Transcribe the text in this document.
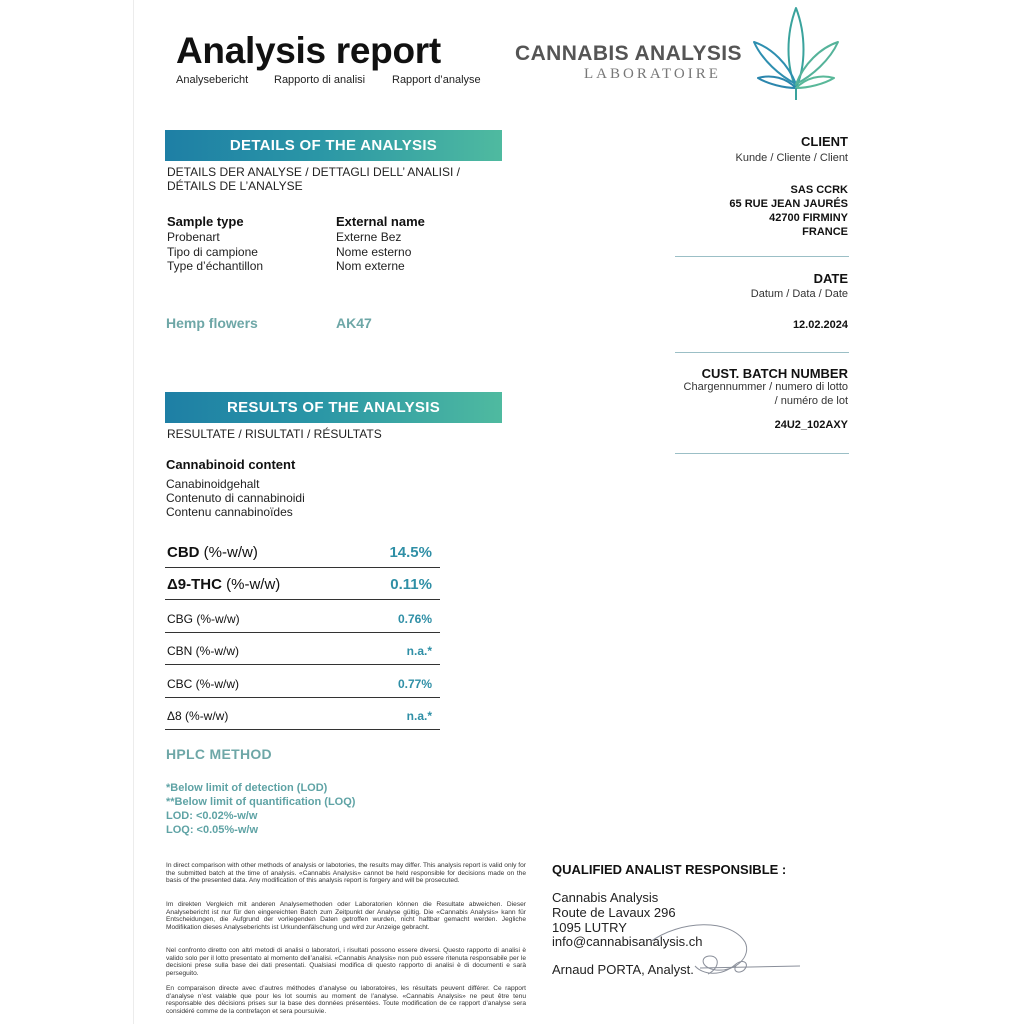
Analysis report
Analysebericht Rapporto di analisi Rapport d’analyse
CANNABIS ANALYSIS
LABORATOIRE
DETAILS OF THE ANALYSIS
DETAILS DER ANALYSE / DETTAGLI DELL’ ANALISI /
DÉTAILS DE L’ANALYSE
Sample type
Probenart
Tipo di campione
Type d’échantillon
External name
Externe Bez
Nome esterno
Nom externe
Hemp flowers	AK47
RESULTS OF THE ANALYSIS
RESULTATE / RISULTATI / RÉSULTATS
Cannabinoid content
Canabinoidgehalt
Contenuto di cannabinoidi
Contenu cannabinoïdes
CBD (%-w/w)	14.5%
Δ9-THC (%-w/w)	0.11%
CBG (%-w/w)	0.76%
CBN (%-w/w)	n.a.*
CBC (%-w/w)	0.77%
Δ8 (%-w/w)	n.a.*
HPLC METHOD
*Below limit of detection (LOD)
**Below limit of quantification (LOQ)
LOD: <0.02%-w/w
LOQ: <0.05%-w/w
CLIENT
Kunde / Cliente / Client
SAS CCRK
65 RUE JEAN JAURÉS
42700 FIRMINY
FRANCE
DATE
Datum / Data / Date
12.02.2024
CUST. BATCH NUMBER
Chargennummer / numero di lotto
/ numéro de lot
24U2_102AXY
In direct comparison with other methods of analysis or labotories, the results may differ. This analysis report is valid only for the submitted batch at the time of analysis. «Cannabis Analysis» cannot be held responsible for decisions made on the basis of the presented data. Any modification of this analysis report is forgery and will be prosecuted.
Im direkten Vergleich mit anderen Analysemethoden oder Laboratorien können die Resultate abweichen. Dieser Analysebericht ist nur für den eingereichten Batch zum Zeitpunkt der Analyse gültig. Die «Cannabis Analysis» kann für Entscheidungen, die Aufgrund der vorliegenden Daten getroffen wurden, nicht haftbar gemacht werden. Jegliche Modifikation dieses Analyseberichts ist Urkundenfälschung und wird zur Anzeige gebracht.
Nel confronto diretto con altri metodi di analisi o laboratori, i risultati possono essere diversi. Questo rapporto di analisi è valido solo per il lotto presentato al momento dell’analisi. «Cannabis Analysis» non può essere ritenuta responsabile per le decisioni prese sulla base dei dati presentati. Qualsiasi modifica di questo rapporto di analisi è di documenti e sarà perseguito.
En comparaison directe avec d’autres méthodes d’analyse ou laboratoires, les résultats peuvent différer. Ce rapport d’analyse n’est valable que pour les lot soumis au moment de l’analyse. «Cannabis Analysis» ne peut être tenu responsable des décisions prises sur la base des données présentées. Toute modification de ce rapport d’analyse sera considéré comme de la contrefaçon et sera poursuivie.
QUALIFIED ANALIST RESPONSIBLE :
Cannabis Analysis
Route de Lavaux 296
1095 LUTRY
info@cannabisanalysis.ch
Arnaud PORTA, Analyst.
